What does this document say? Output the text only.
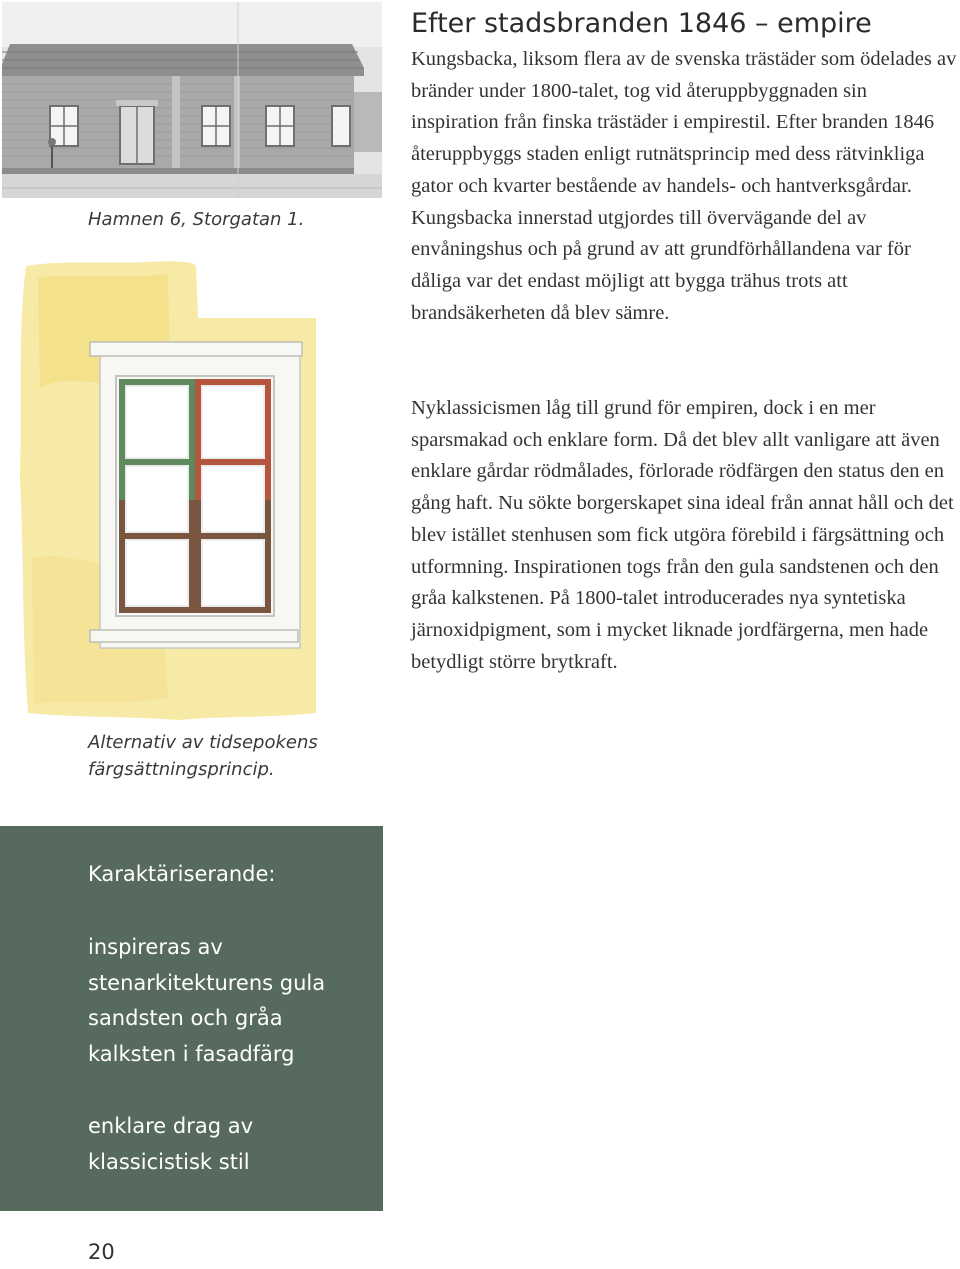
Hamnen 6, Storgatan 1.
Alternativ av tidsepokens färgsättningsprincip.
Efter stadsbranden 1846 – empire

Kungsbacka, liksom flera av de svenska trästäder som ödelades av bränder under 1800-talet, tog vid återuppbyggnaden sin inspiration från finska trästäder i empirestil. Efter branden 1846 återuppbyggs staden enligt rutnätsprincip med dess rätvinkliga gator och kvarter bestående av handels- och hantverksgårdar. Kungsbacka innerstad utgjordes till övervägande del av envåningshus och på grund av att grundförhållandena var för dåliga var det endast möjligt att bygga trähus trots att brandsäkerheten då blev sämre.

Nyklassicismen låg till grund för empiren, dock i en mer sparsmakad och enklare form. Då det blev allt vanligare att även enklare gårdar rödmålades, förlorade rödfärgen den status den en gång haft. Nu sökte borgerskapet sina ideal från annat håll och det blev istället stenhusen som fick utgöra förebild i färgsättning och utformning. Inspirationen togs från den gula sandstenen och den gråa kalkstenen. På 1800-talet introducerades nya syntetiska järnoxidpigment, som i mycket liknade jordfärgerna, men hade betydligt större brytkraft.

Karaktäriserande:

inspireras av stenarkitekturens gula sandsten och gråa kalksten i fasadfärg

enklare drag av klassicistisk stil

20
